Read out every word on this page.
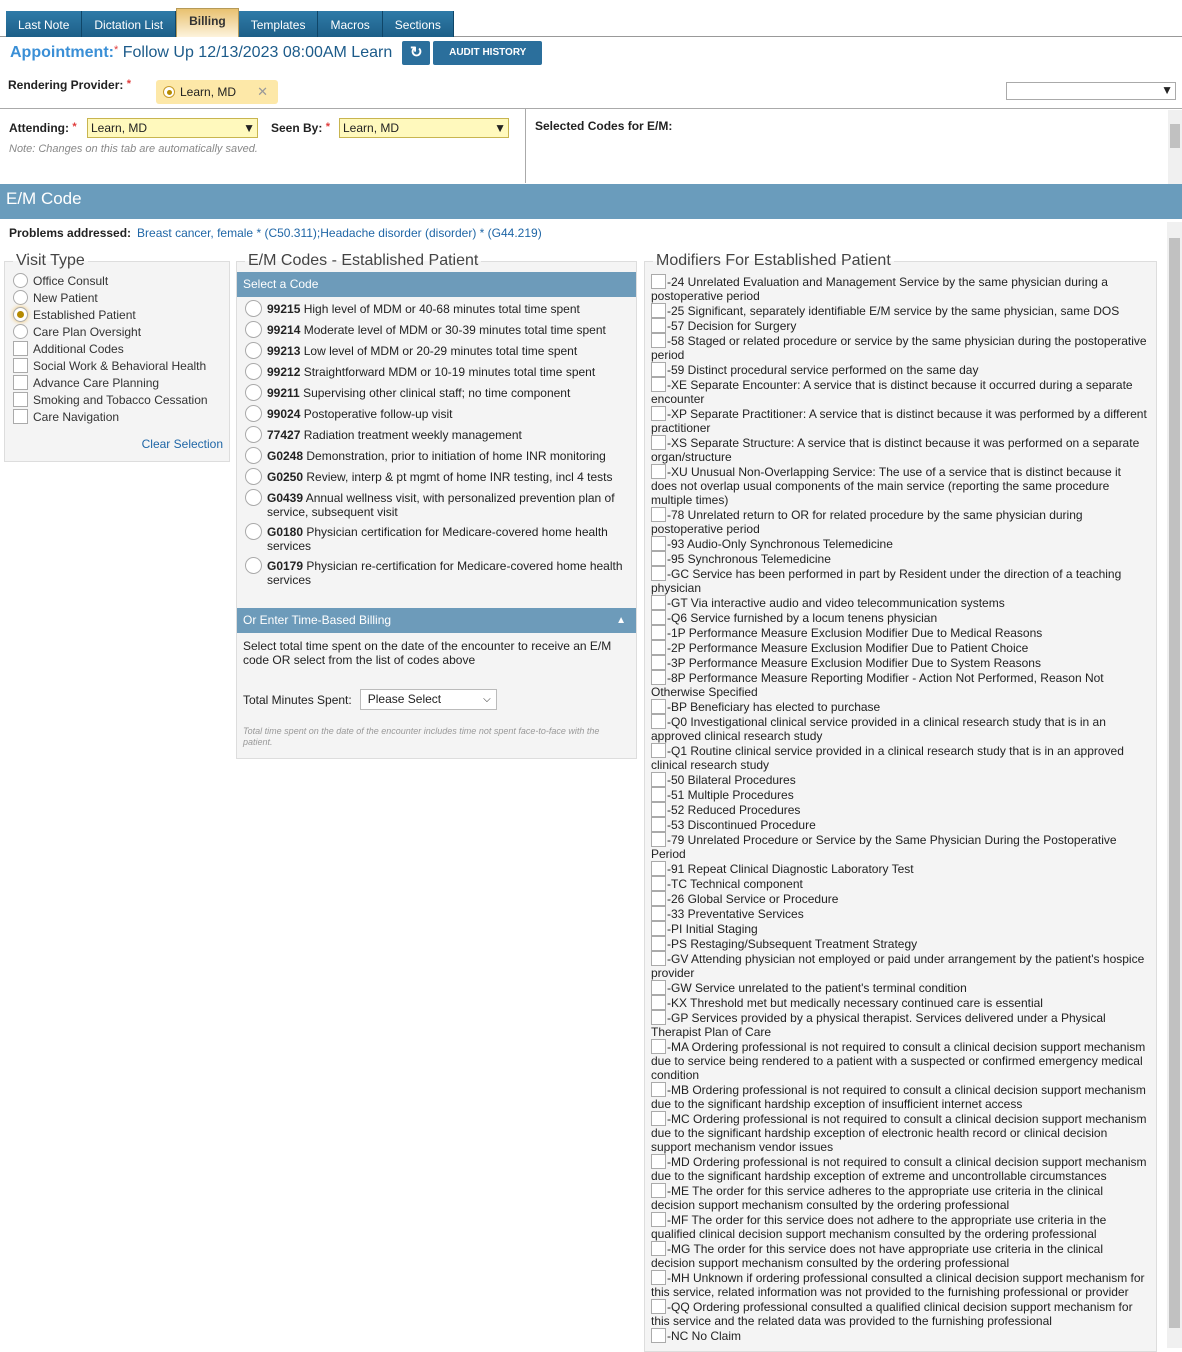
Last Note	Dictation List	Billing	Templates	Macros	Sections
Appointment:* Follow Up 12/13/2023 08:00AM Learn	↻	AUDIT HISTORY
Rendering Provider: *
Learn, MD ✕	▼
Attending: *	Learn, MD	▼ Seen By: *	Learn, MD	▼
Note: Changes on this tab are automatically saved.
Selected Codes for E/M:
E/M Code
Problems addressed: Breast cancer, female * (C50.311);Headache disorder (disorder) * (G44.219)
Visit Type
Office Consult
New Patient
Established Patient
Care Plan Oversight
Additional Codes
Social Work & Behavioral Health
Advance Care Planning
Smoking and Tobacco Cessation
Care Navigation
Clear Selection
E/M Codes - Established Patient
Select a Code
99215 High level of MDM or 40-68 minutes total time spent
99214 Moderate level of MDM or 30-39 minutes total time spent
99213 Low level of MDM or 20-29 minutes total time spent
99212 Straightforward MDM or 10-19 minutes total time spent
99211 Supervising other clinical staff; no time component
99024 Postoperative follow-up visit
77427 Radiation treatment weekly management
G0248 Demonstration, prior to initiation of home INR monitoring
G0250 Review, interp & pt mgmt of home INR testing, incl 4 tests
G0439 Annual wellness visit, with personalized prevention plan of service, subsequent visit
G0180 Physician certification for Medicare-covered home health services
G0179 Physician re-certification for Medicare-covered home health services
Or Enter Time-Based Billing	▲
Select total time spent on the date of the encounter to receive an E/M code OR select from the list of codes above
Total Minutes Spent:	Please Select	⌵
Total time spent on the date of the encounter includes time not spent face-to-face with the patient.
Modifiers For Established Patient
-24 Unrelated Evaluation and Management Service by the same physician during a postoperative period
-25 Significant, separately identifiable E/M service by the same physician, same DOS
-57 Decision for Surgery
-58 Staged or related procedure or service by the same physician during the postoperative period
-59 Distinct procedural service performed on the same day
-XE Separate Encounter: A service that is distinct because it occurred during a separate encounter
-XP Separate Practitioner: A service that is distinct because it was performed by a different practitioner
-XS Separate Structure: A service that is distinct because it was performed on a separate organ/structure
-XU Unusual Non-Overlapping Service: The use of a service that is distinct because it does not overlap usual components of the main service (reporting the same procedure multiple times)
-78 Unrelated return to OR for related procedure by the same physician during postoperative period
-93 Audio-Only Synchronous Telemedicine
-95 Synchronous Telemedicine
-GC Service has been performed in part by Resident under the direction of a teaching physician
-GT Via interactive audio and video telecommunication systems
-Q6 Service furnished by a locum tenens physician
-1P Performance Measure Exclusion Modifier Due to Medical Reasons
-2P Performance Measure Exclusion Modifier Due to Patient Choice
-3P Performance Measure Exclusion Modifier Due to System Reasons
-8P Performance Measure Reporting Modifier - Action Not Performed, Reason Not Otherwise Specified
-BP Beneficiary has elected to purchase
-Q0 Investigational clinical service provided in a clinical research study that is in an approved clinical research study
-Q1 Routine clinical service provided in a clinical research study that is in an approved clinical research study
-50 Bilateral Procedures
-51 Multiple Procedures
-52 Reduced Procedures
-53 Discontinued Procedure
-79 Unrelated Procedure or Service by the Same Physician During the Postoperative Period
-91 Repeat Clinical Diagnostic Laboratory Test
-TC Technical component
-26 Global Service or Procedure
-33 Preventative Services
-PI Initial Staging
-PS Restaging/Subsequent Treatment Strategy
-GV Attending physician not employed or paid under arrangement by the patient's hospice provider
-GW Service unrelated to the patient's terminal condition
-KX Threshold met but medically necessary continued care is essential
-GP Services provided by a physical therapist. Services delivered under a Physical Therapist Plan of Care
-MA Ordering professional is not required to consult a clinical decision support mechanism due to service being rendered to a patient with a suspected or confirmed emergency medical condition
-MB Ordering professional is not required to consult a clinical decision support mechanism due to the significant hardship exception of insufficient internet access
-MC Ordering professional is not required to consult a clinical decision support mechanism due to the significant hardship exception of electronic health record or clinical decision support mechanism vendor issues
-MD Ordering professional is not required to consult a clinical decision support mechanism due to the significant hardship exception of extreme and uncontrollable circumstances
-ME The order for this service adheres to the appropriate use criteria in the clinical decision support mechanism consulted by the ordering professional
-MF The order for this service does not adhere to the appropriate use criteria in the qualified clinical decision support mechanism consulted by the ordering professional
-MG The order for this service does not have appropriate use criteria in the clinical decision support mechanism consulted by the ordering professional
-MH Unknown if ordering professional consulted a clinical decision support mechanism for this service, related information was not provided to the furnishing professional or provider
-QQ Ordering professional consulted a qualified clinical decision support mechanism for this service and the related data was provided to the furnishing professional
-NC No Claim
